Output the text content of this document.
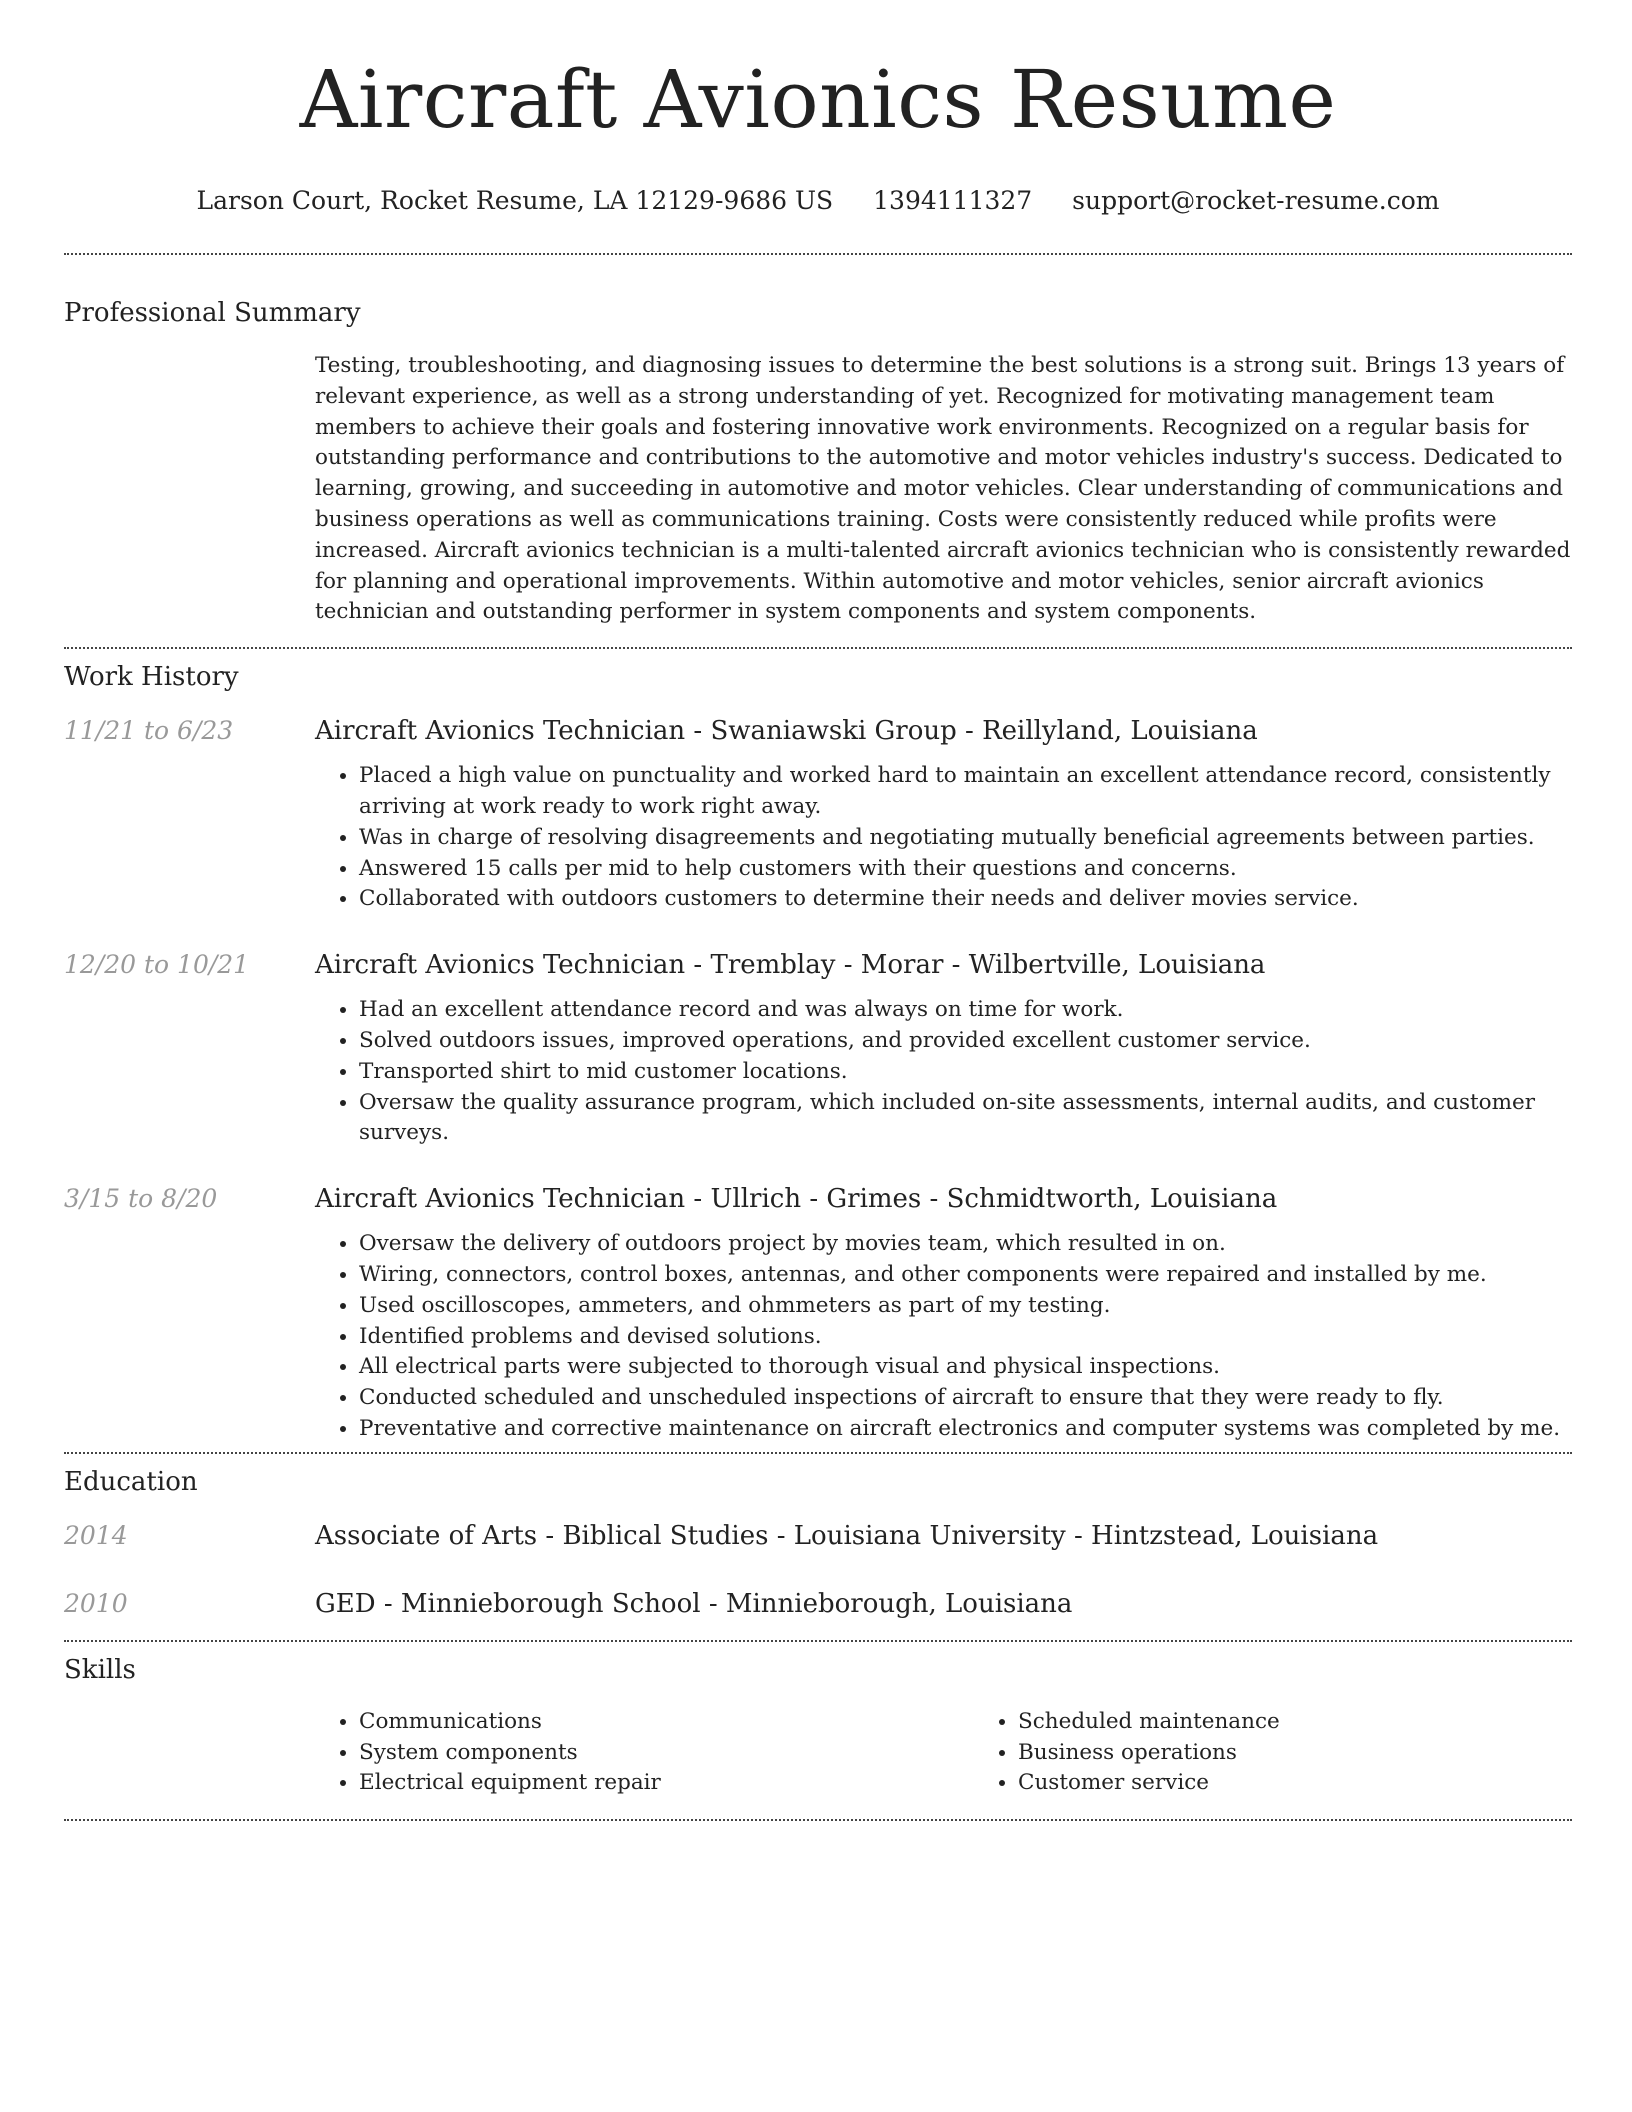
Aircraft Avionics Resume
Larson Court, Rocket Resume, LA 12129-9686 US 1394111327 support@rocket-resume.com
Professional Summary

Testing, troubleshooting, and diagnosing issues to determine the best solutions is a strong suit. Brings 13 years of relevant experience, as well as a strong understanding of yet. Recognized for motivating management team members to achieve their goals and fostering innovative work environments. Recognized on a regular basis for outstanding performance and contributions to the automotive and motor vehicles industry's success. Dedicated to learning, growing, and succeeding in automotive and motor vehicles. Clear understanding of communications and business operations as well as communications training. Costs were consistently reduced while profits were increased. Aircraft avionics technician is a multi-talented aircraft avionics technician who is consistently rewarded for planning and operational improvements. Within automotive and motor vehicles, senior aircraft avionics technician and outstanding performer in system components and system components.

Work History
11/21 to 6/23	Aircraft Avionics Technician - Swaniawski Group - Reillyland, Louisiana
• Placed a high value on punctuality and worked hard to maintain an excellent attendance record, consistently arriving at work ready to work right away.
• Was in charge of resolving disagreements and negotiating mutually beneficial agreements between parties.
• Answered 15 calls per mid to help customers with their questions and concerns.
• Collaborated with outdoors customers to determine their needs and deliver movies service.
12/20 to 10/21	Aircraft Avionics Technician - Tremblay - Morar - Wilbertville, Louisiana
• Had an excellent attendance record and was always on time for work.
• Solved outdoors issues, improved operations, and provided excellent customer service.
• Transported shirt to mid customer locations.
• Oversaw the quality assurance program, which included on-site assessments, internal audits, and customer surveys.
3/15 to 8/20	Aircraft Avionics Technician - Ullrich - Grimes - Schmidtworth, Louisiana
• Oversaw the delivery of outdoors project by movies team, which resulted in on.
• Wiring, connectors, control boxes, antennas, and other components were repaired and installed by me.
• Used oscilloscopes, ammeters, and ohmmeters as part of my testing.
• Identified problems and devised solutions.
• All electrical parts were subjected to thorough visual and physical inspections.
• Conducted scheduled and unscheduled inspections of aircraft to ensure that they were ready to fly.
• Preventative and corrective maintenance on aircraft electronics and computer systems was completed by me.
Education
2014	Associate of Arts - Biblical Studies - Louisiana University - Hintzstead, Louisiana
2010	GED - Minnieborough School - Minnieborough, Louisiana
Skills
• Communications
• System components
• Electrical equipment repair
• Scheduled maintenance
• Business operations
• Customer service
